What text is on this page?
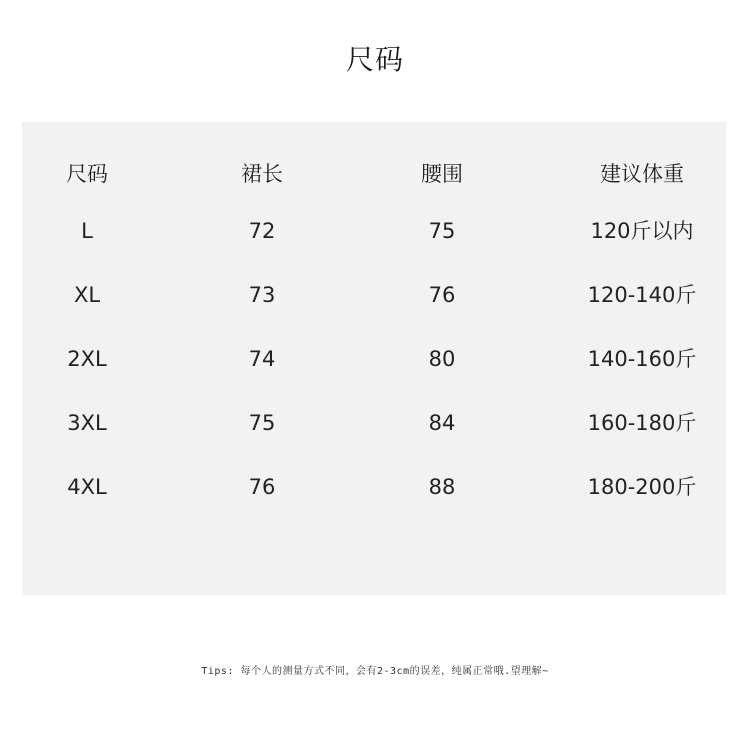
尺码
尺码	裙长	腰围	建议体重
L	72	75	120斤以内
XL	73	76	120-140斤
2XL	74	80	140-160斤
3XL	75	84	160-180斤
4XL	76	88	180-200斤
Tips: 每个人的测量方式不同，会有2-3cm的误差，纯属正常哦.望理解~
